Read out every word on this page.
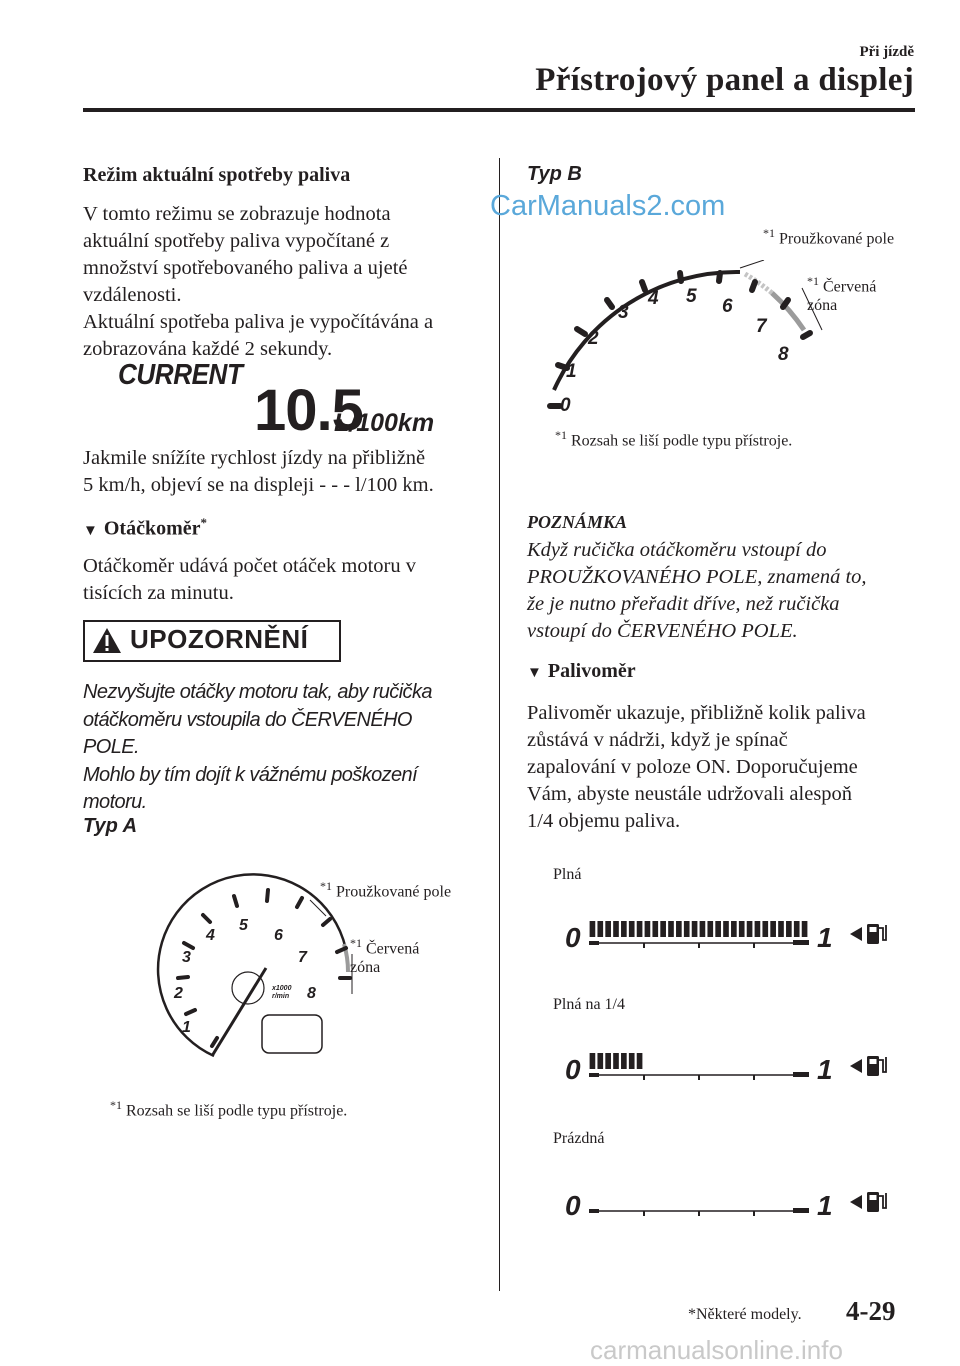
Při jízdě
Přístrojový panel a displej
Režim aktuální spotřeby paliva
V tomto režimu se zobrazuje hodnota
aktuální spotřeby paliva vypočítané z
množství spotřebovaného paliva a ujeté
vzdálenosti.
Aktuální spotřeba paliva je vypočítávána a
zobrazována každé 2 sekundy.
CURRENT
10.5
L/100km
Jakmile snížíte rychlost jízdy na přibližně
5 km/h, objeví se na displeji - - - l/100 km.
▼ Otáčkoměr*
Otáčkoměr udává počet otáček motoru v
tisících za minutu.
UPOZORNĚNÍ
Nezvyšujte otáčky motoru tak, aby ručička
otáčkoměru vstoupila do ČERVENÉHO
POLE.
Mohlo by tím dojít k vážnému poškození
motoru.
Typ A
1
2
3
4
5
6
7
8
x1000
r/min
$^{*1}$ Proužkované pole
$^{*1}$ Červená zóna
$^{*1}$ Rozsah se liší podle typu přístroje.
Typ B
CarManuals2.com
0
1
2
3
4 5 6
7
8
$^{*1}$ Proužkované pole
$^{*1}$ Červená zóna
$^{*1}$ Rozsah se liší podle typu přístroje.
POZNÁMKA
Když ručička otáčkoměru vstoupí do
PROUŽKOVANÉHO POLE, znamená to,
že je nutno přeřadit dříve, než ručička
vstoupí do ČERVENÉHO POLE.
▼ Palivoměr
Palivoměr ukazuje, přibližně kolik paliva
zůstává v nádrži, když je spínač
zapalování v poloze ON. Doporučujeme
Vám, abyste neustále udržovali alespoň
1/4 objemu paliva.
Plná
0	1
Plná na 1/4
0	1
Prázdná
0	1
*Některé modely. 4-29
carmanualsonline.info
